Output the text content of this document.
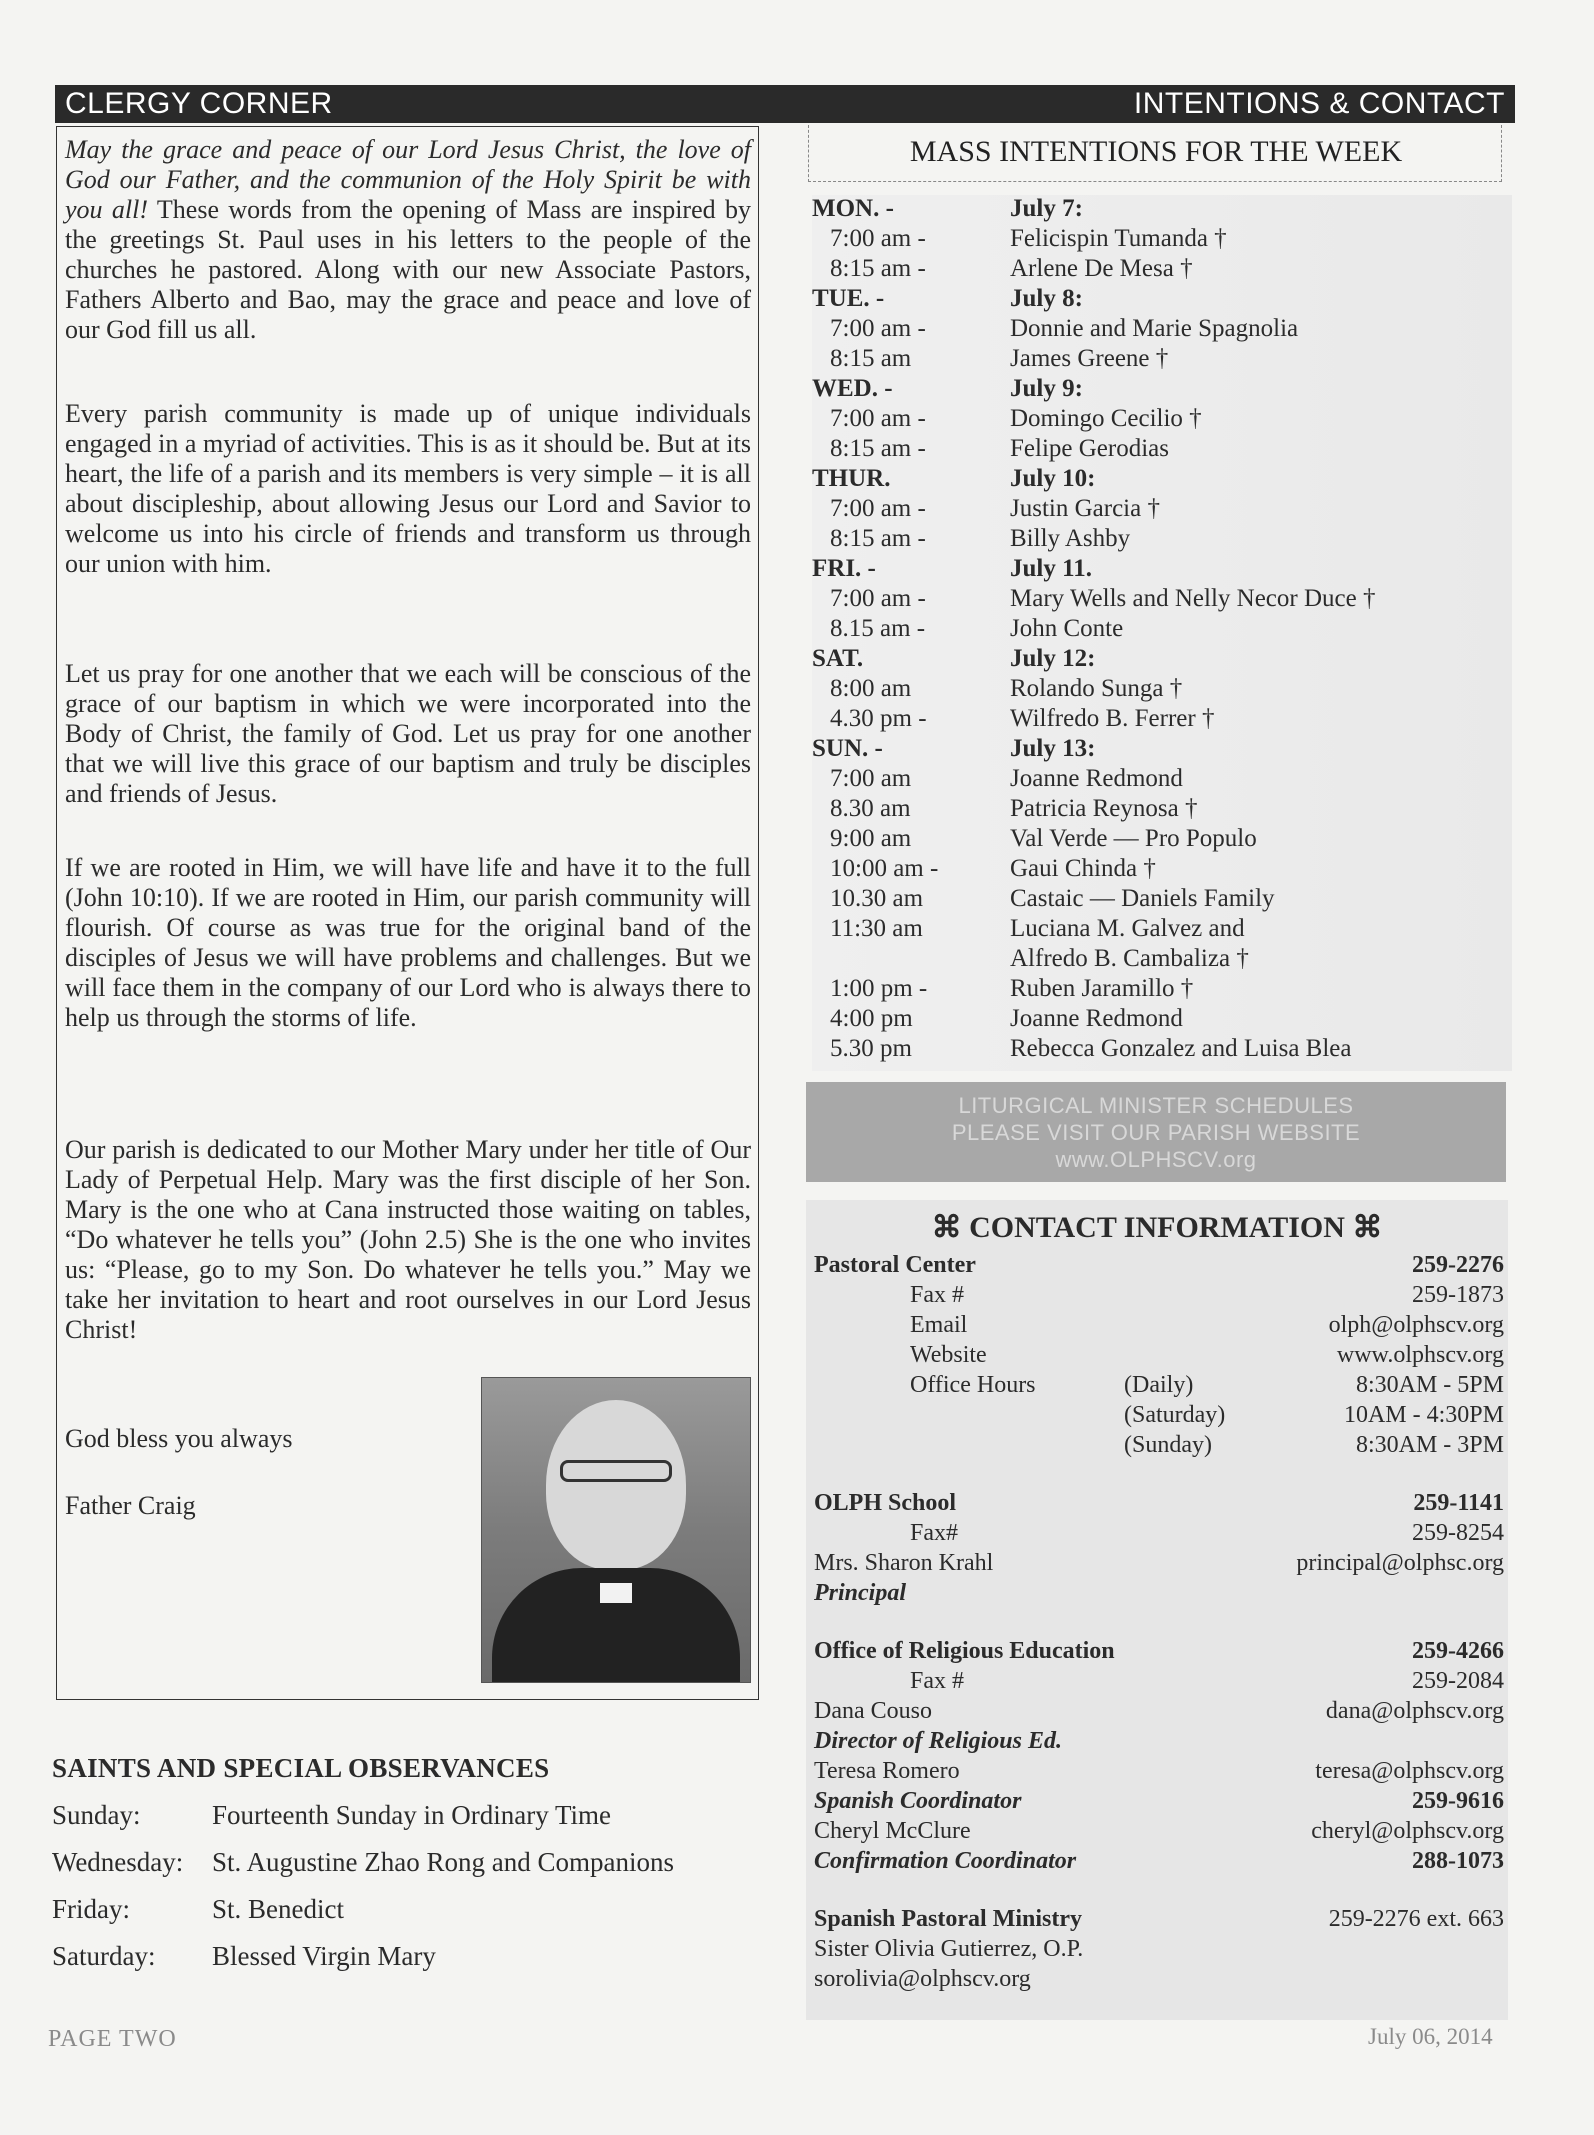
CLERGY CORNER	INTENTIONS & CONTACT

May the grace and peace of our Lord Jesus Christ, the love of God our Father, and the communion of the Holy Spirit be with you all! These words from the opening of Mass are inspired by the greetings St. Paul uses in his letters to the people of the churches he pastored. Along with our new Associate Pastors, Fathers Alberto and Bao, may the grace and peace and love of our God fill us all.

Every parish community is made up of unique individuals engaged in a myriad of activities. This is as it should be. But at its heart, the life of a parish and its members is very simple – it is all about discipleship, about allowing Jesus our Lord and Savior to welcome us into his circle of friends and transform us through our union with him.

Let us pray for one another that we each will be conscious of the grace of our baptism in which we were incorporated into the Body of Christ, the family of God. Let us pray for one another that we will live this grace of our baptism and truly be disciples and friends of Jesus.

If we are rooted in Him, we will have life and have it to the full (John 10:10). If we are rooted in Him, our parish community will flourish. Of course as was true for the original band of the disciples of Jesus we will have problems and challenges. But we will face them in the company of our Lord who is always there to help us through the storms of life.

Our parish is dedicated to our Mother Mary under her title of Our Lady of Perpetual Help. Mary was the first disciple of her Son. Mary is the one who at Cana instructed those waiting on tables, “Do whatever he tells you” (John 2.5) She is the one who invites us: “Please, go to my Son. Do whatever he tells you.” May we take her invitation to heart and root ourselves in our Lord Jesus Christ!

God bless you always
Father Craig
SAINTS AND SPECIAL OBSERVANCES
Sunday:	Fourteenth Sunday in Ordinary Time
Wednesday: St. Augustine Zhao Rong and Companions
Friday:	St. Benedict
Saturday: Blessed Virgin Mary
PAGE TWO	July 06, 2014
MASS INTENTIONS FOR THE WEEK
MON. -	July 7:
7:00 am -	Felicispin Tumanda †
8:15 am -	Arlene De Mesa †
TUE. -	July 8:
7:00 am -	Donnie and Marie Spagnolia
8:15 am	James Greene †
WED. -	July 9:
7:00 am -	Domingo Cecilio †
8:15 am -	Felipe Gerodias
THUR.	July 10:
7:00 am -	Justin Garcia †
8:15 am -	Billy Ashby
FRI. -	July 11.
7:00 am -	Mary Wells and Nelly Necor Duce †
8.15 am -	John Conte
SAT.	July 12:
8:00 am	Rolando Sunga †
4.30 pm -	Wilfredo B. Ferrer †
SUN. -	July 13:
7:00 am	Joanne Redmond
8.30 am	Patricia Reynosa †
9:00 am	Val Verde — Pro Populo
10:00 am -	Gaui Chinda †
10.30 am	Castaic — Daniels Family
11:30 am	Luciana M. Galvez and
Alfredo B. Cambaliza †
1:00 pm -	Ruben Jaramillo †
4:00 pm	Joanne Redmond
5.30 pm	Rebecca Gonzalez and Luisa Blea
LITURGICAL MINISTER SCHEDULES
PLEASE VISIT OUR PARISH WEBSITE
www.OLPHSCV.org
⌘ CONTACT INFORMATION ⌘
Pastoral Center	259-2276
Fax #	259-1873
Email	olph@olphscv.org
Website	www.olphscv.org
Office Hours	(Daily)	8:30AM - 5PM
(Saturday)	10AM - 4:30PM
(Sunday)	8:30AM - 3PM
OLPH School	259-1141
Fax#	259-8254
Mrs. Sharon Krahl	principal@olphsc.org
Principal
Office of Religious Education	259-4266
Fax #	259-2084
Dana Couso	dana@olphscv.org
Director of Religious Ed.
Teresa Romero	teresa@olphscv.org
Spanish Coordinator	259-9616
Cheryl McClure	cheryl@olphscv.org
Confirmation Coordinator	288-1073
Spanish Pastoral Ministry	259-2276 ext. 663
Sister Olivia Gutierrez, O.P.
sorolivia@olphscv.org
